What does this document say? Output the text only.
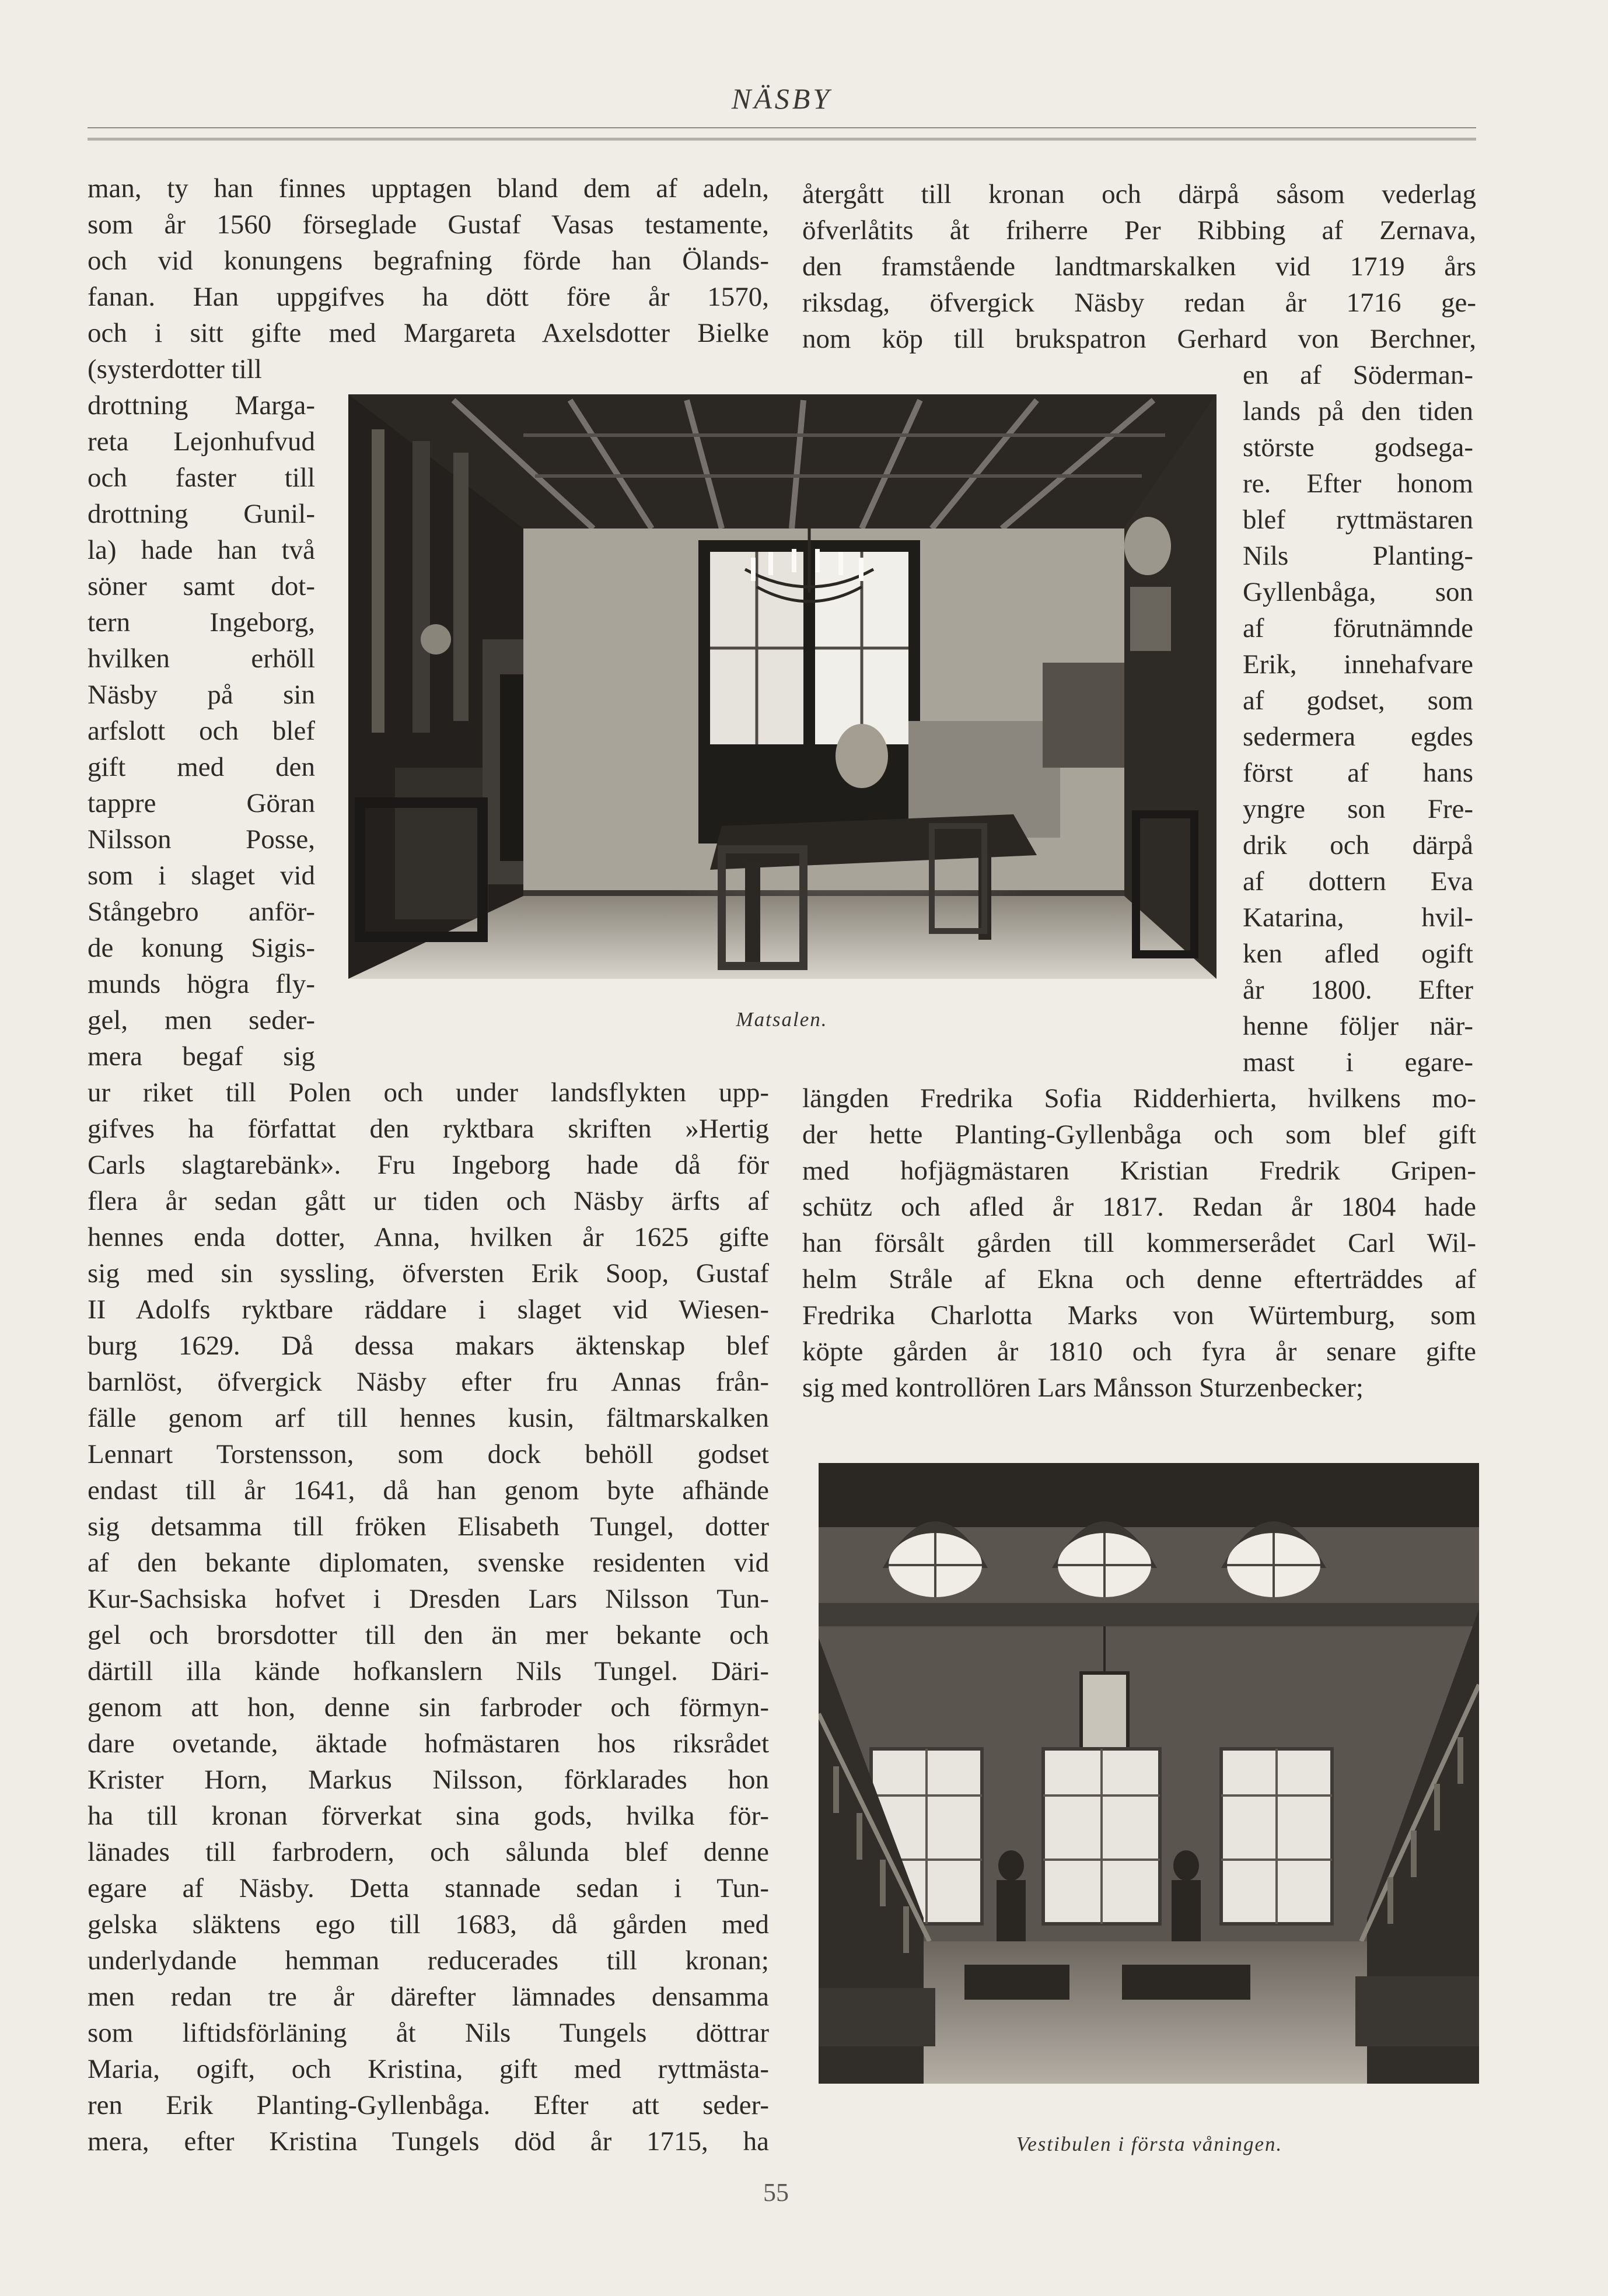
NÄSBY
man, ty han finnes upptagen bland dem af adeln,
som år 1560 förseglade Gustaf Vasas testamente,
och vid konungens begrafning förde han Ölands-
fanan. Han uppgifves ha dött före år 1570,
och i sitt gifte med Margareta Axelsdotter Bielke
(systerdotter till
drottning Marga-
reta Lejonhufvud
och faster till
drottning Gunil-
la) hade han två
söner samt dot-
tern Ingeborg,
hvilken erhöll
Näsby på sin
arfslott och blef
gift med den
tappre Göran
Nilsson Posse,
som i slaget vid
Stångebro anför-
de konung Sigis-
munds högra fly-
gel, men seder-
mera begaf sig
ur riket till Polen och under landsflykten upp-
gifves ha författat den ryktbara skriften »Hertig
Carls slagtarebänk». Fru Ingeborg hade då för
flera år sedan gått ur tiden och Näsby ärfts af
hennes enda dotter, Anna, hvilken år 1625 gifte
sig med sin syssling, öfversten Erik Soop, Gustaf
II Adolfs ryktbare räddare i slaget vid Wiesen-
burg 1629. Då dessa makars äktenskap blef
barnlöst, öfvergick Näsby efter fru Annas från-
fälle genom arf till hennes kusin, fältmarskalken
Lennart Torstensson, som dock behöll godset
endast till år 1641, då han genom byte afhände
sig detsamma till fröken Elisabeth Tungel, dotter
af den bekante diplomaten, svenske residenten vid
Kur-Sachsiska hofvet i Dresden Lars Nilsson Tun-
gel och brorsdotter till den än mer bekante och
därtill illa kände hofkanslern Nils Tungel. Däri-
genom att hon, denne sin farbroder och förmyn-
dare ovetande, äktade hofmästaren hos riksrådet
Krister Horn, Markus Nilsson, förklarades hon
ha till kronan förverkat sina gods, hvilka för-
länades till farbrodern, och sålunda blef denne
egare af Näsby. Detta stannade sedan i Tun-
gelska släktens ego till 1683, då gården med
underlydande hemman reducerades till kronan;
men redan tre år därefter lämnades densamma
som liftidsförläning åt Nils Tungels döttrar
Maria, ogift, och Kristina, gift med ryttmästa-
ren Erik Planting-Gyllenbåga. Efter att seder-
mera, efter Kristina Tungels död år 1715, ha
återgått till kronan och därpå såsom vederlag
öfverlåtits åt friherre Per Ribbing af Zernava,
den framstående landtmarskalken vid 1719 års
riksdag, öfvergick Näsby redan år 1716 ge-
nom köp till brukspatron Gerhard von Berchner,
en af Söderman-
lands på den tiden
störste godsega-
re. Efter honom
blef ryttmästaren
Nils Planting-
Gyllenbåga, son
af förutnämnde
Erik, innehafvare
af godset, som
sedermera egdes
först af hans
yngre son Fre-
drik och därpå
af dottern Eva
Katarina, hvil-
ken afled ogift
år 1800. Efter
henne följer när-
mast i egare-
längden Fredrika Sofia Ridderhierta, hvilkens mo-
der hette Planting-Gyllenbåga och som blef gift
med hofjägmästaren Kristian Fredrik Gripen-
schütz och afled år 1817. Redan år 1804 hade
han försålt gården till kommerserådet Carl Wil-
helm Stråle af Ekna och denne efterträddes af
Fredrika Charlotta Marks von Würtemburg, som
köpte gården år 1810 och fyra år senare gifte
sig med kontrollören Lars Månsson Sturzenbecker;
Matsalen.
Vestibulen i första våningen.
55
